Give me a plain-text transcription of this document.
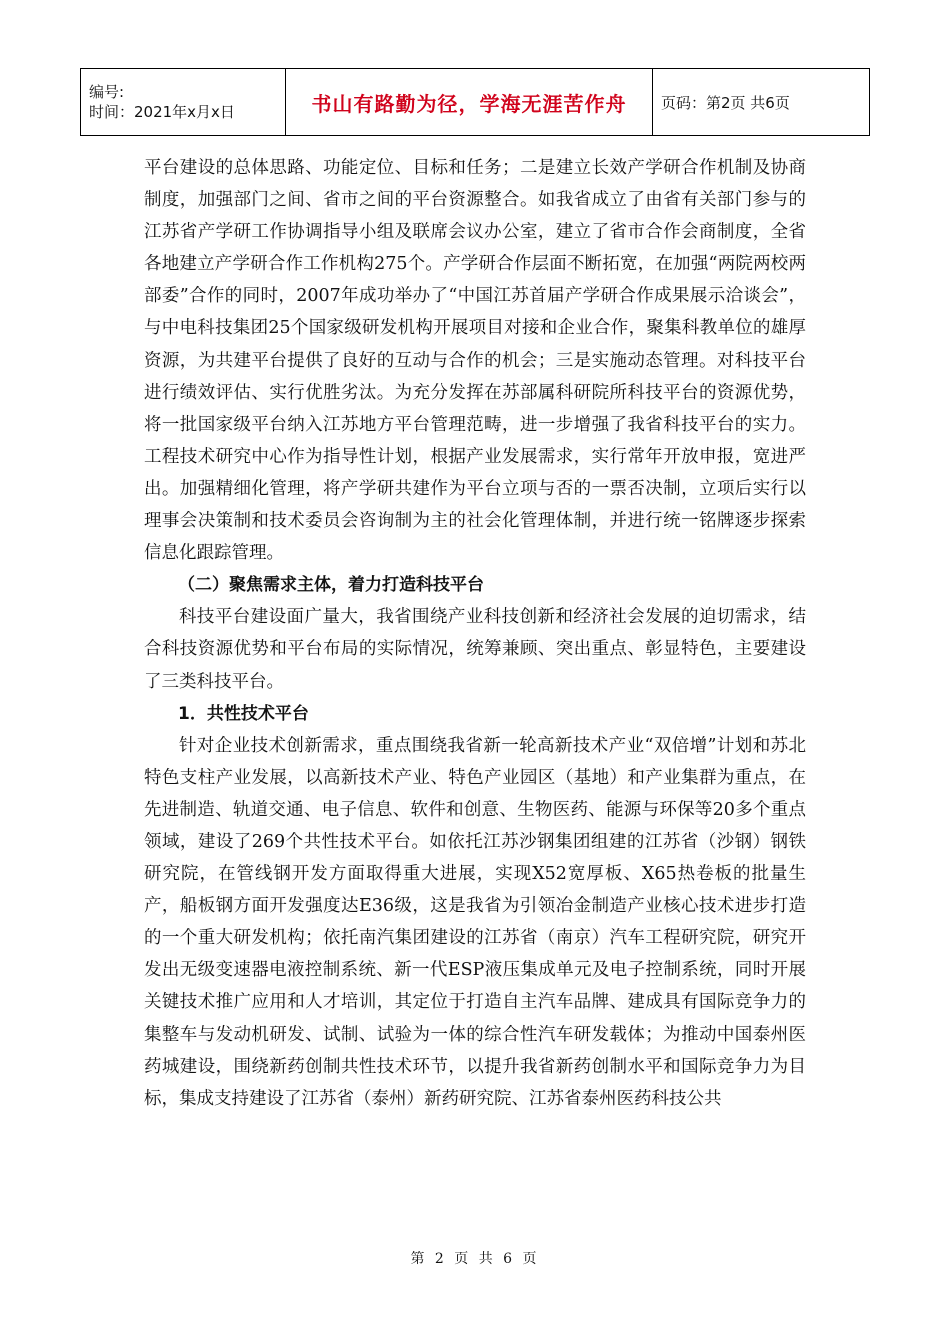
编号:
时间：2021年x月x日	书山有路勤为径，学海无涯苦作舟	页码：第2页 共6页

平台建设的总体思路、功能定位、目标和任务；二是建立长效产学研合作机制及协商制度，加强部门之间、省市之间的平台资源整合。如我省成立了由省有关部门参与的江苏省产学研工作协调指导小组及联席会议办公室，建立了省市合作会商制度，全省各地建立产学研合作工作机构275个。产学研合作层面不断拓宽，在加强“两院两校两部委”合作的同时，2007年成功举办了“中国江苏首届产学研合作成果展示洽谈会”，与中电科技集团25个国家级研发机构开展项目对接和企业合作，聚集科教单位的雄厚资源，为共建平台提供了良好的互动与合作的机会；三是实施动态管理。对科技平台进行绩效评估、实行优胜劣汰。为充分发挥在苏部属科研院所科技平台的资源优势，将一批国家级平台纳入江苏地方平台管理范畴，进一步增强了我省科技平台的实力。工程技术研究中心作为指导性计划，根据产业发展需求，实行常年开放申报，宽进严出。加强精细化管理，将产学研共建作为平台立项与否的一票否决制，立项后实行以理事会决策制和技术委员会咨询制为主的社会化管理体制，并进行统一铭牌逐步探索信息化跟踪管理。

（二）聚焦需求主体，着力打造科技平台

科技平台建设面广量大，我省围绕产业科技创新和经济社会发展的迫切需求，结合科技资源优势和平台布局的实际情况，统筹兼顾、突出重点、彰显特色，主要建设了三类科技平台。

1．共性技术平台

针对企业技术创新需求，重点围绕我省新一轮高新技术产业“双倍增”计划和苏北特色支柱产业发展，以高新技术产业、特色产业园区（基地）和产业集群为重点，在先进制造、轨道交通、电子信息、软件和创意、生物医药、能源与环保等20多个重点领域，建设了269个共性技术平台。如依托江苏沙钢集团组建的江苏省（沙钢）钢铁研究院，在管线钢开发方面取得重大进展，实现X52宽厚板、X65热卷板的批量生产，船板钢方面开发强度达E36级，这是我省为引领冶金制造产业核心技术进步打造的一个重大研发机构；依托南汽集团建设的江苏省（南京）汽车工程研究院，研究开发出无级变速器电液控制系统、新一代ESP液压集成单元及电子控制系统，同时开展关键技术推广应用和人才培训，其定位于打造自主汽车品牌、建成具有国际竞争力的集整车与发动机研发、试制、试验为一体的综合性汽车研发载体；为推动中国泰州医药城建设，围绕新药创制共性技术环节，以提升我省新药创制水平和国际竞争力为目标，集成支持建设了江苏省（泰州）新药研究院、江苏省泰州医药科技公共

第 2 页 共 6 页
